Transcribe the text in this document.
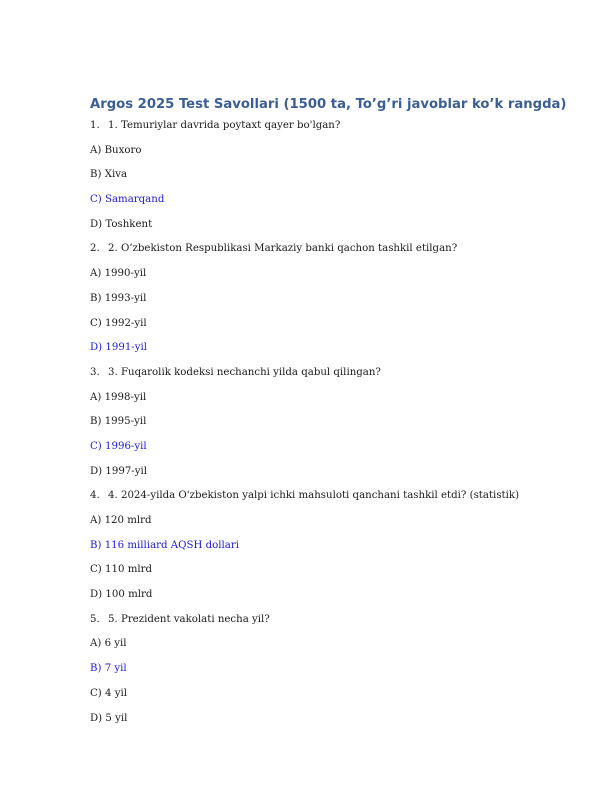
Argos 2025 Test Savollari (1500 ta, To’g’ri javoblar ko’k rangda)
1. 1. Temuriylar davrida poytaxt qayer bo'lgan?
A) Buxoro
B) Xiva
C) Samarqand
D) Toshkent
2. 2. O‘zbekiston Respublikasi Markaziy banki qachon tashkil etilgan?
A) 1990-yil
B) 1993-yil
C) 1992-yil
D) 1991-yil
3. 3. Fuqarolik kodeksi nechanchi yilda qabul qilingan?
A) 1998-yil
B) 1995-yil
C) 1996-yil
D) 1997-yil
4. 4. 2024-yilda O'zbekiston yalpi ichki mahsuloti qanchani tashkil etdi? (statistik)
A) 120 mlrd
B) 116 milliard AQSH dollari
C) 110 mlrd
D) 100 mlrd
5. 5. Prezident vakolati necha yil?
A) 6 yil
B) 7 yil
C) 4 yil
D) 5 yil
